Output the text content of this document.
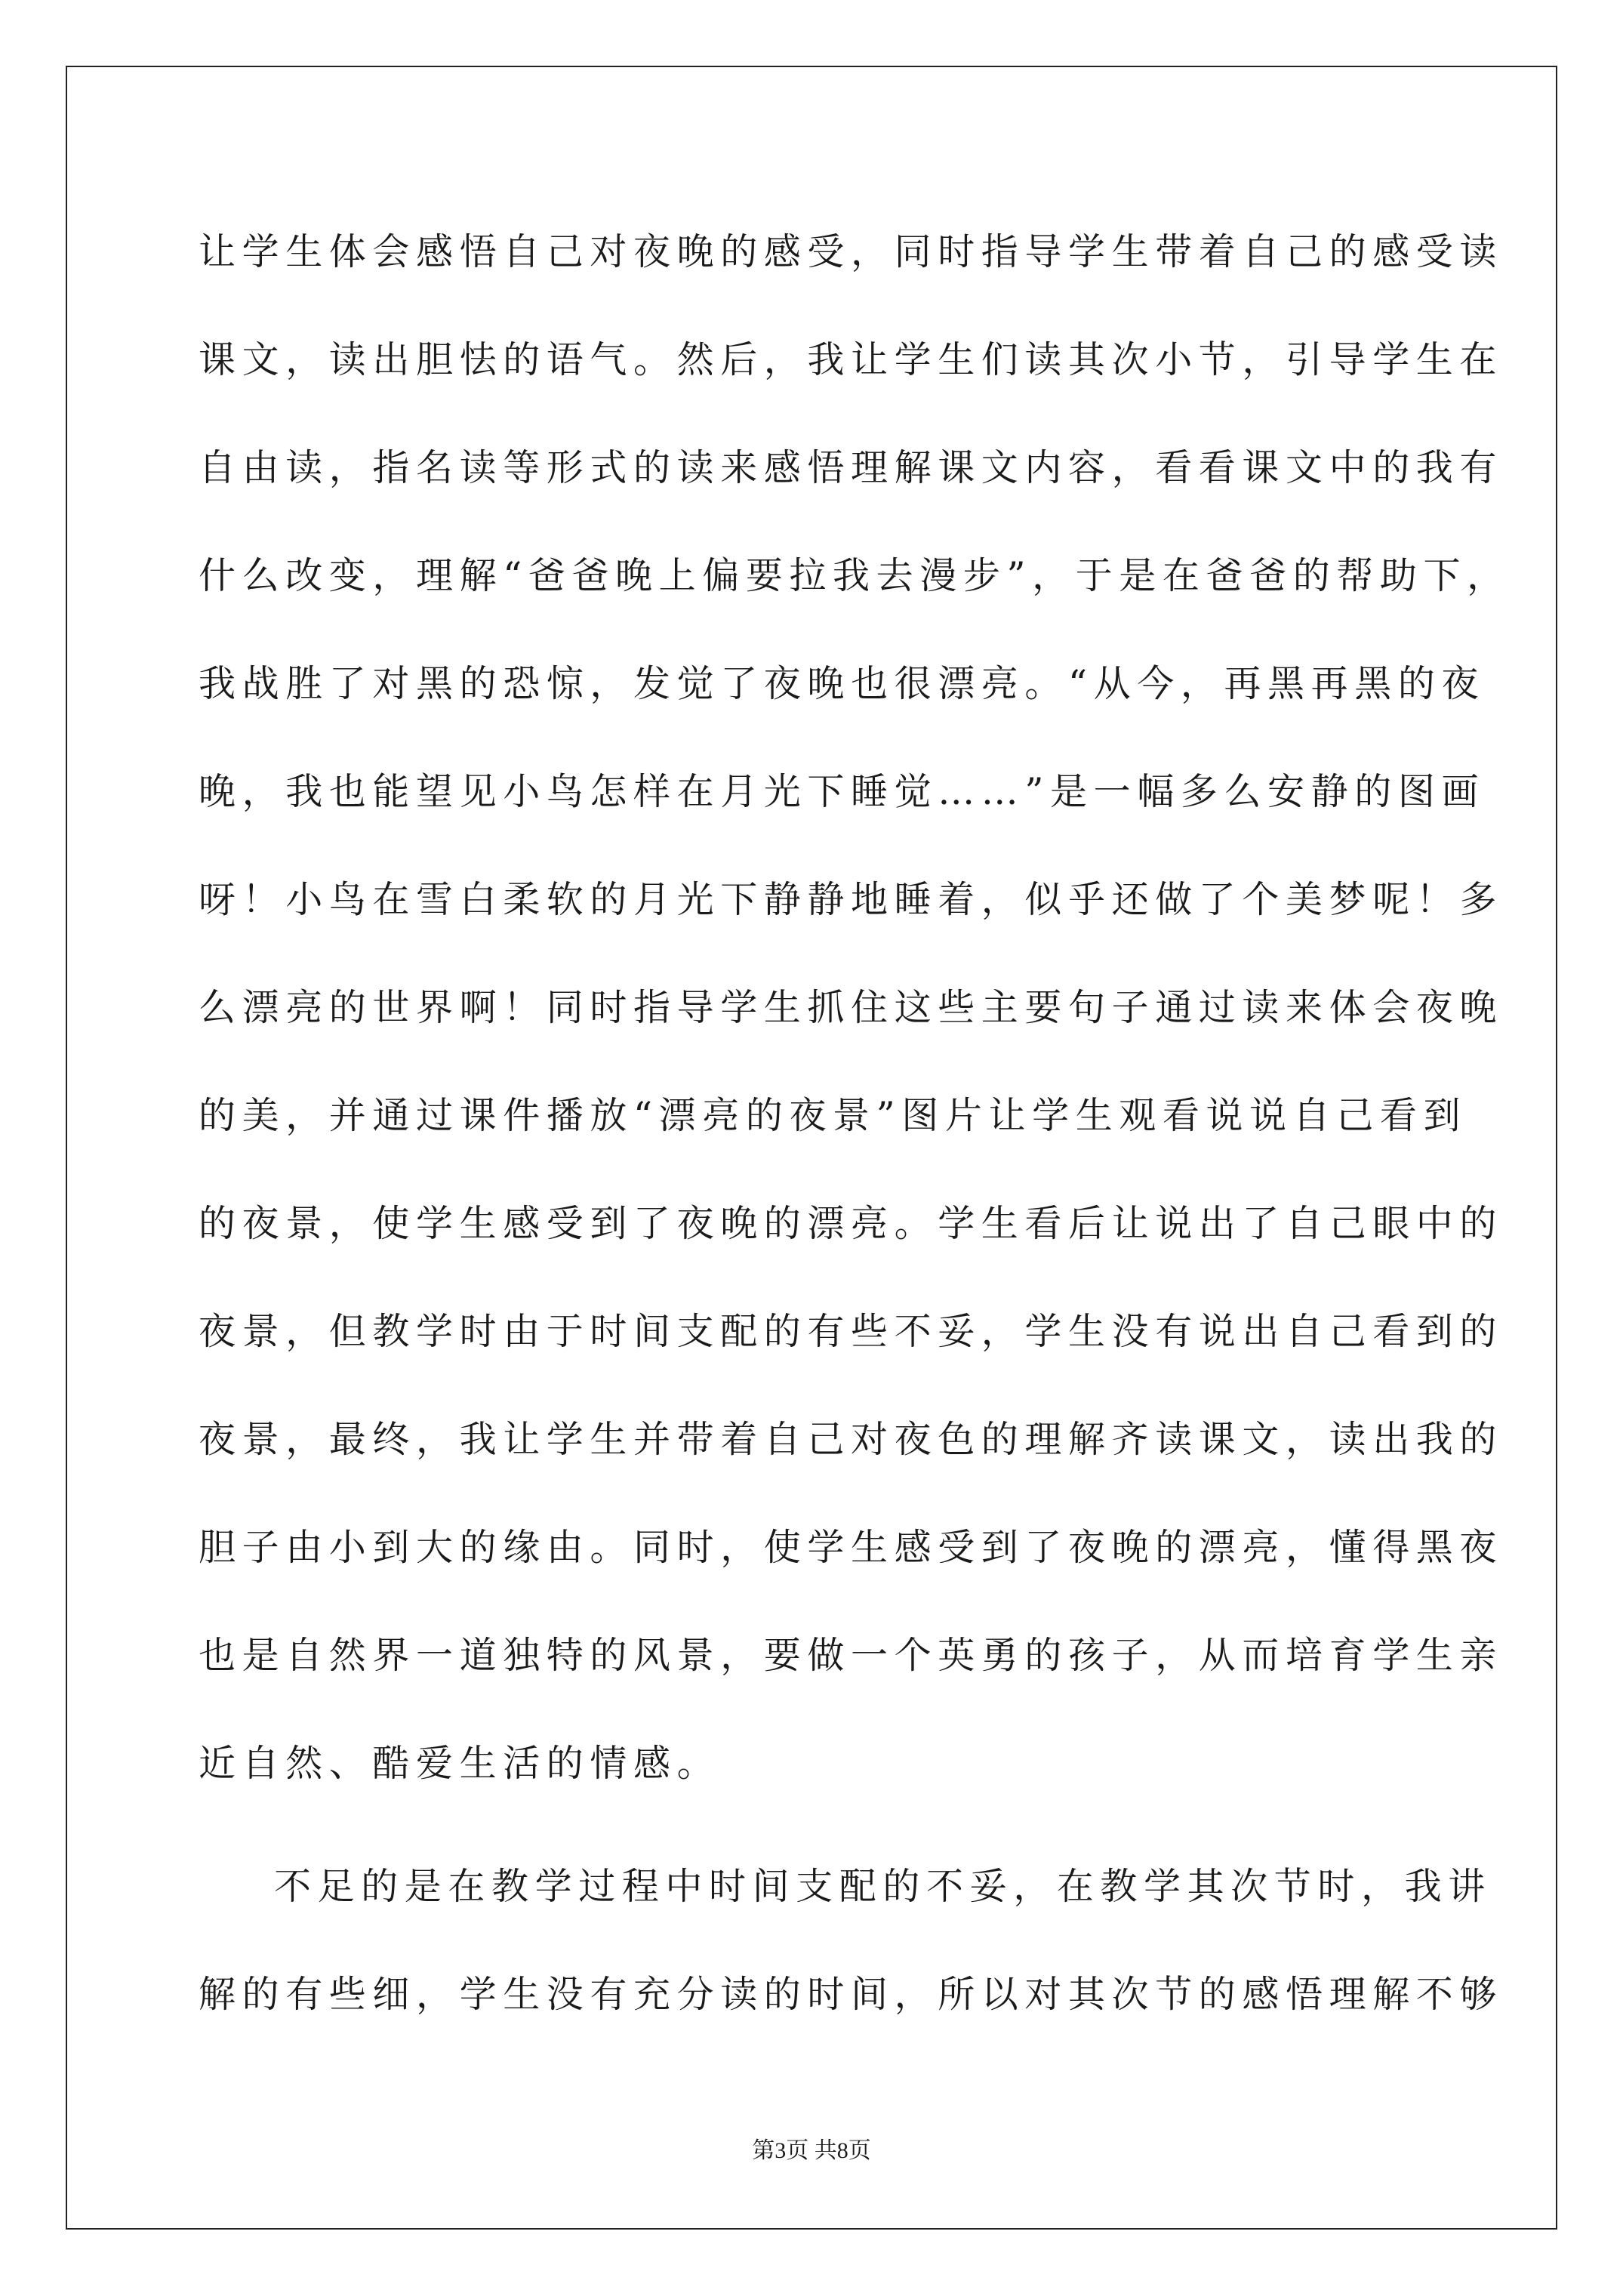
让学生体会感悟自己对夜晚的感受，同时指导学生带着自己的感受读
课文，读出胆怯的语气。然后，我让学生们读其次小节，引导学生在
自由读，指名读等形式的读来感悟理解课文内容，看看课文中的我有
什么改变，理解“爸爸晚上偏要拉我去漫步”，于是在爸爸的帮助下，
我战胜了对黑的恐惊，发觉了夜晚也很漂亮。“从今，再黑再黑的夜
晚，我也能望见小鸟怎样在月光下睡觉……”是一幅多么安静的图画
呀！小鸟在雪白柔软的月光下静静地睡着，似乎还做了个美梦呢！多
么漂亮的世界啊！同时指导学生抓住这些主要句子通过读来体会夜晚
的美，并通过课件播放“漂亮的夜景”图片让学生观看说说自己看到
的夜景，使学生感受到了夜晚的漂亮。学生看后让说出了自己眼中的
夜景，但教学时由于时间支配的有些不妥，学生没有说出自己看到的
夜景，最终，我让学生并带着自己对夜色的理解齐读课文，读出我的
胆子由小到大的缘由。同时，使学生感受到了夜晚的漂亮，懂得黑夜
也是自然界一道独特的风景，要做一个英勇的孩子，从而培育学生亲
近自然、酷爱生活的情感。
不足的是在教学过程中时间支配的不妥，在教学其次节时，我讲
解的有些细，学生没有充分读的时间，所以对其次节的感悟理解不够
第3页 共8页
